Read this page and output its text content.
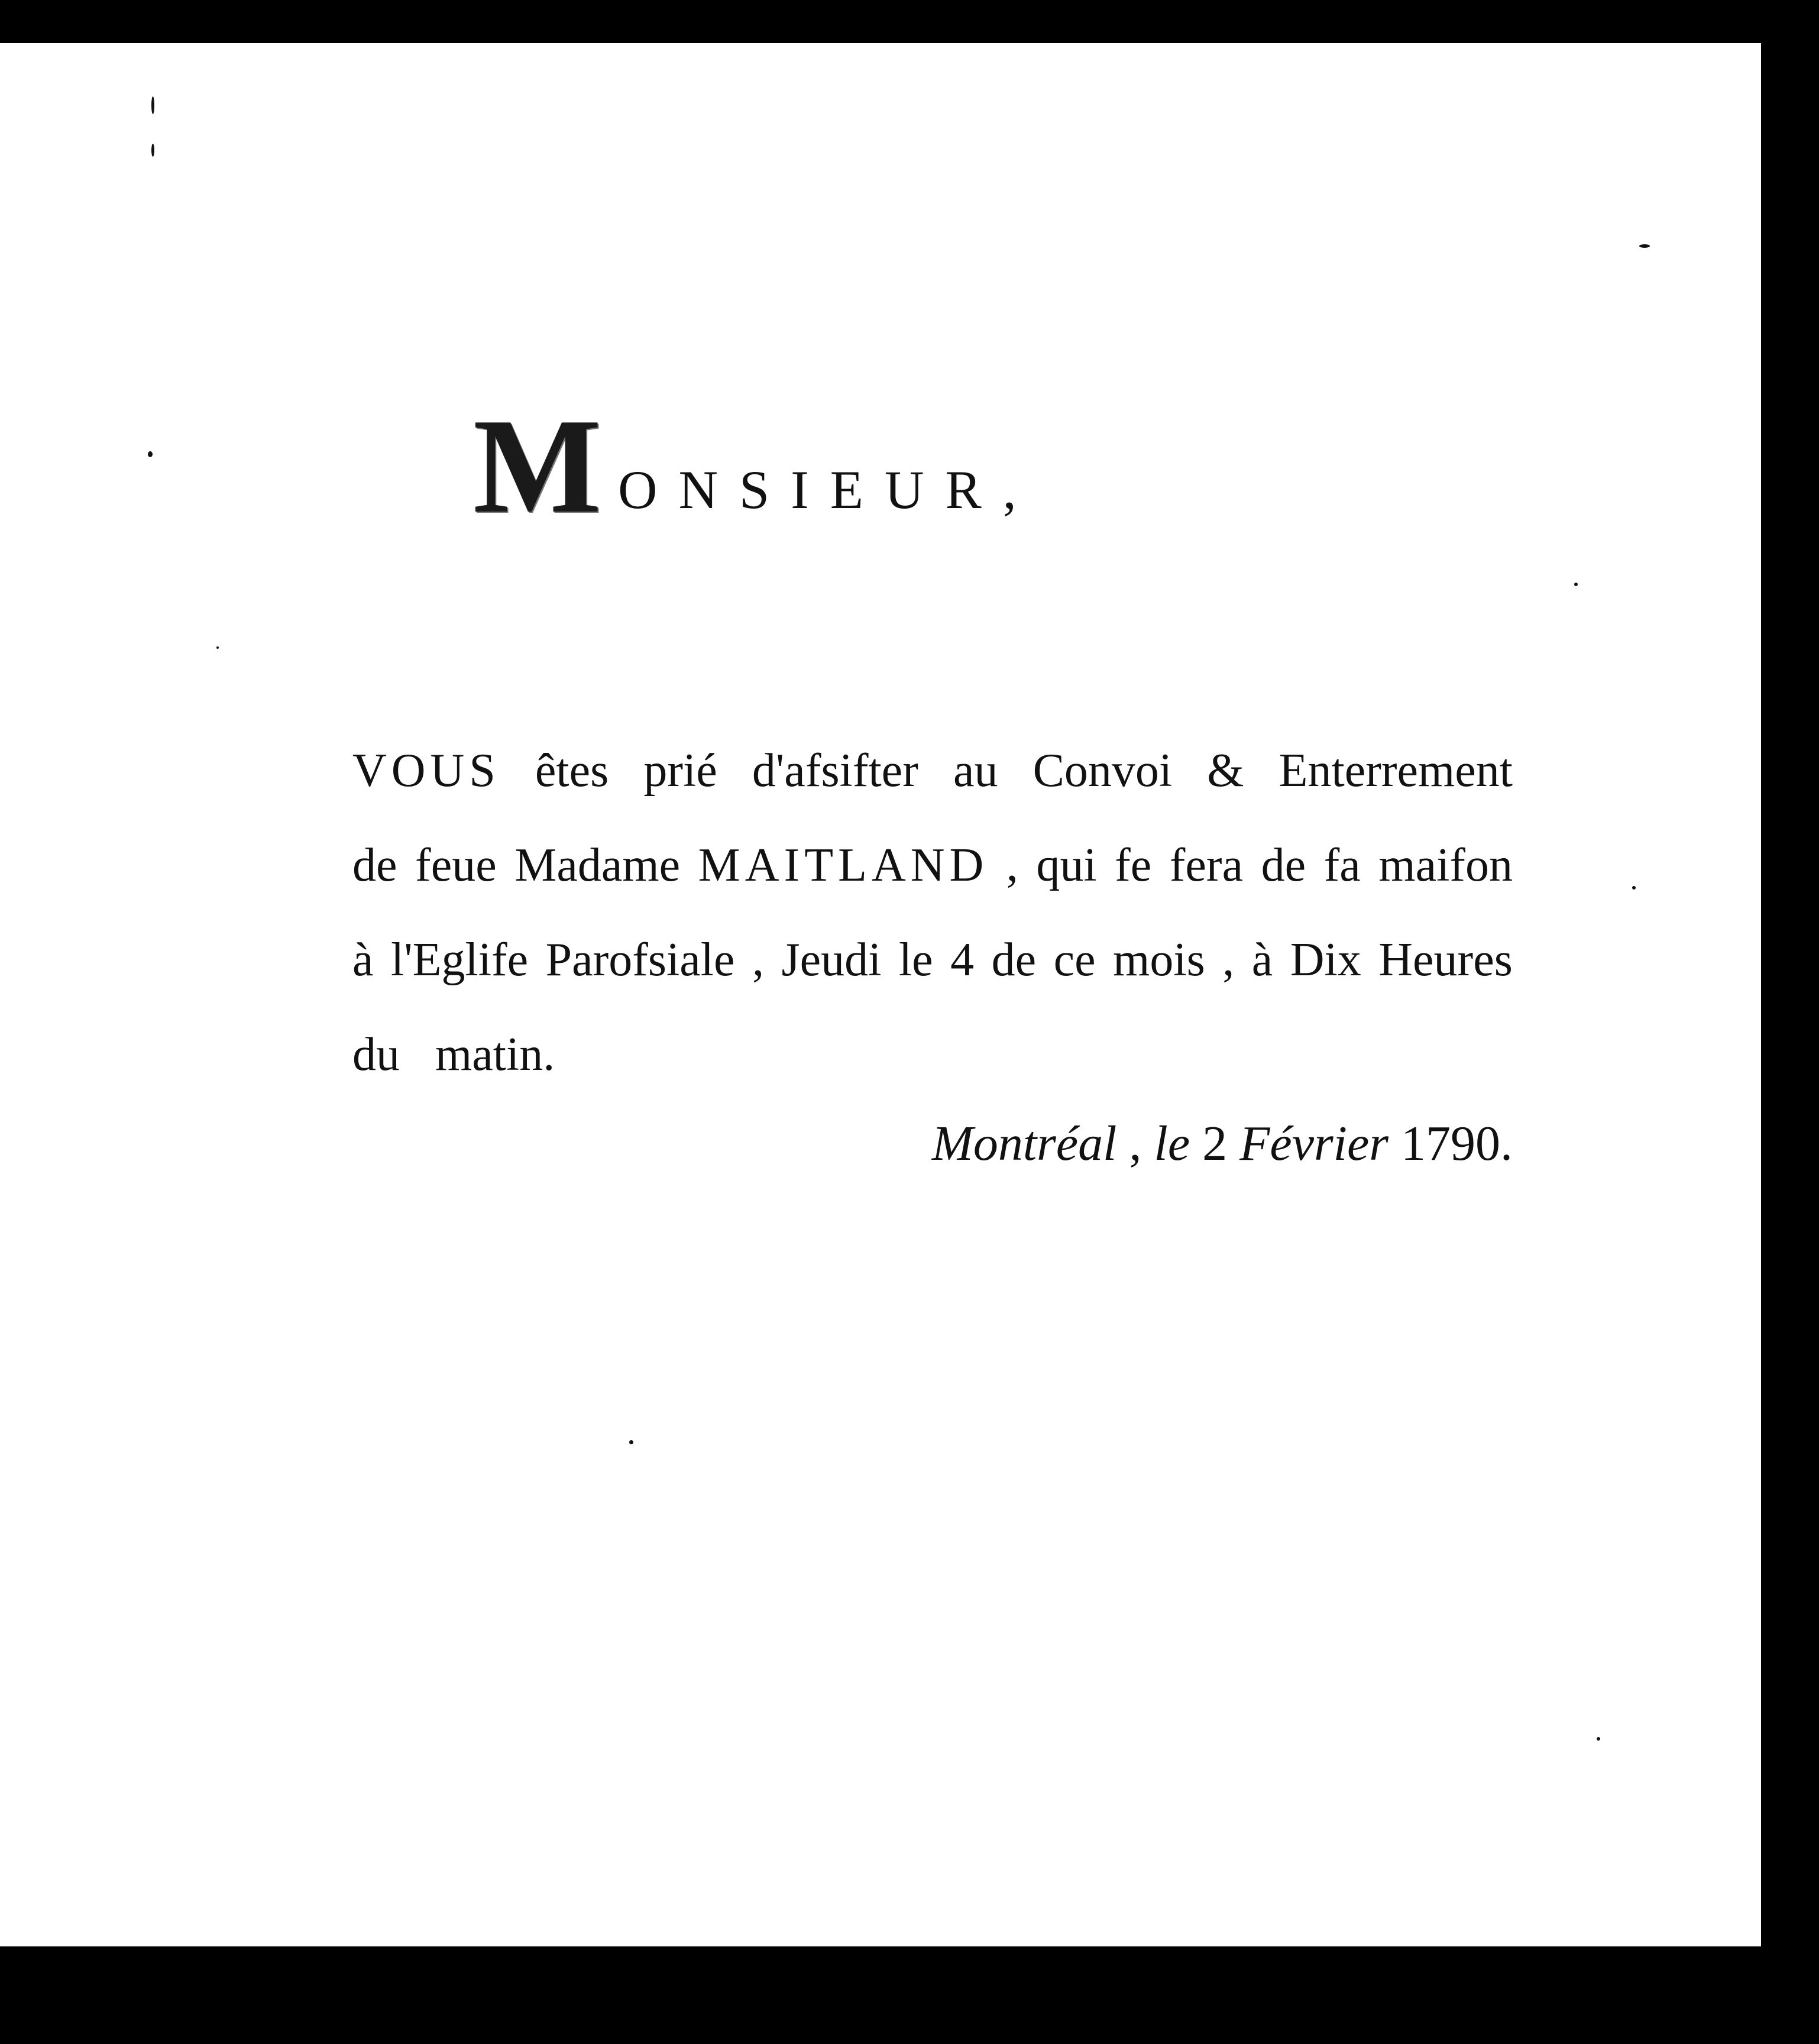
M ONSIEUR,
VOUS êtes prié d'afsifter au Convoi & Enterrement
de feue Madame MAITLAND , qui fe fera de fa maifon
à l'Eglife Parofsiale , Jeudi le 4 de ce mois , à Dix Heures
du matin.
Montréal , le 2 Février 1790.
